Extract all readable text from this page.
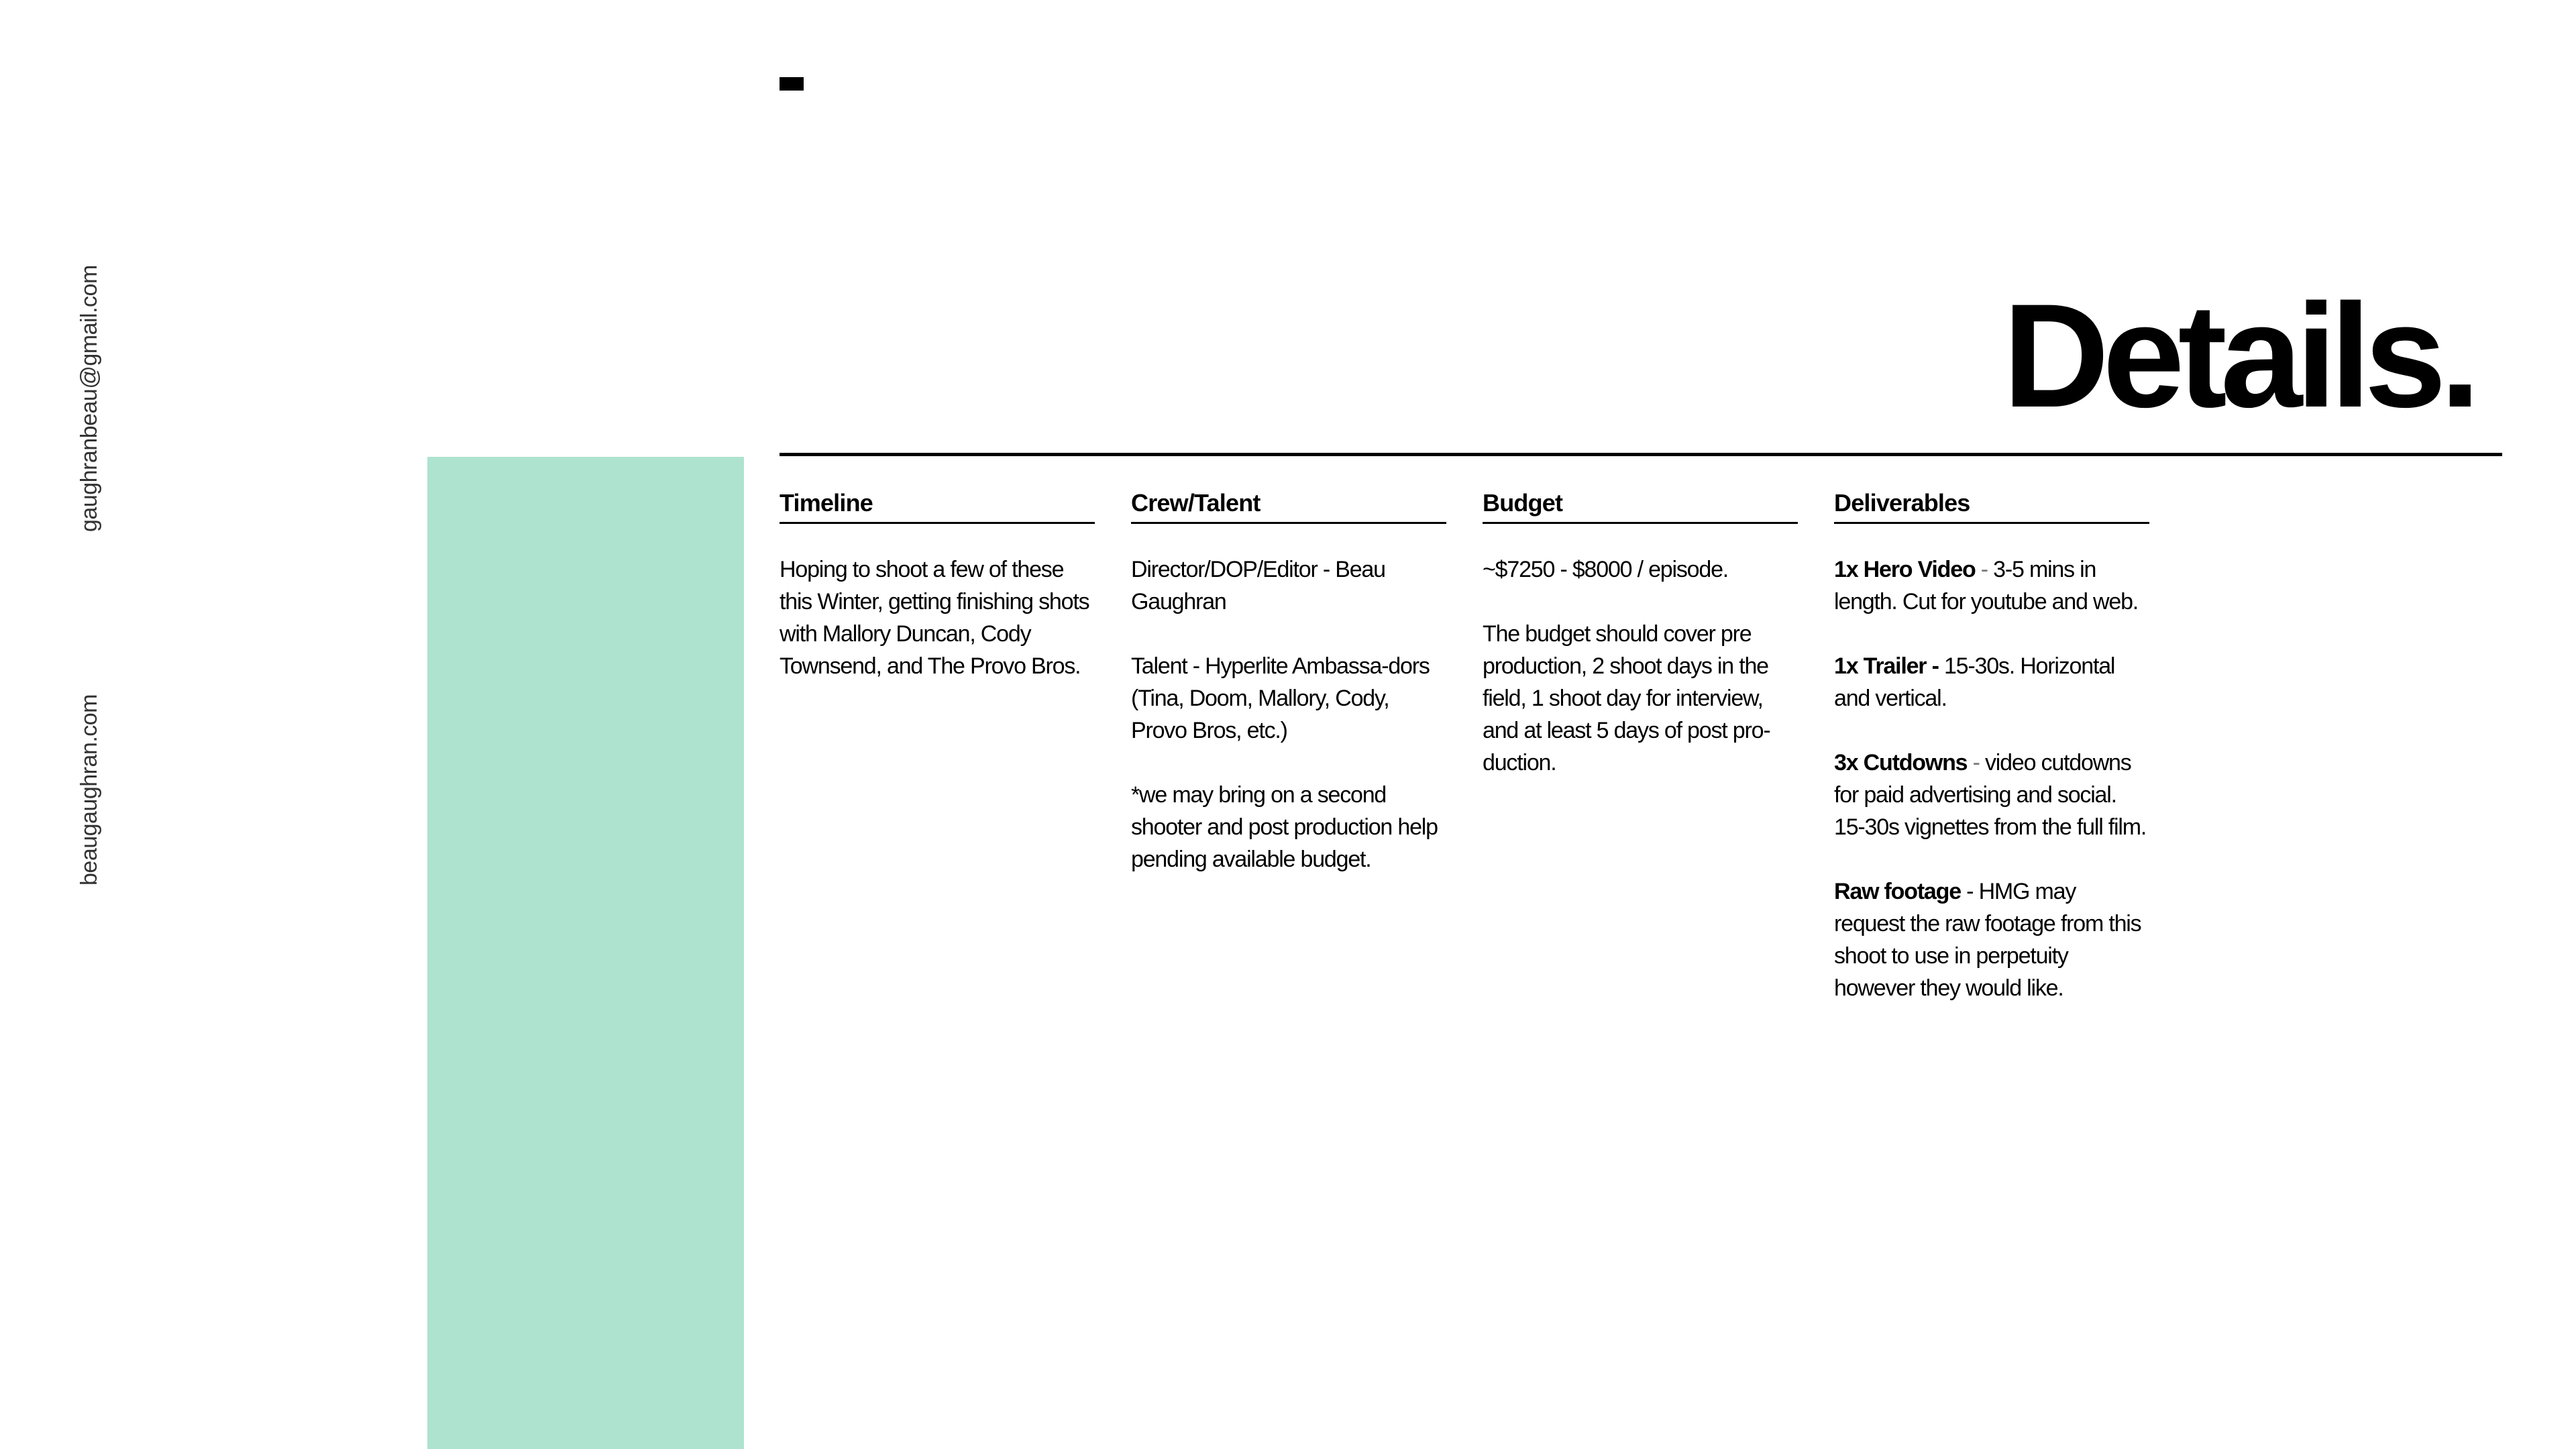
gaughranbeau@gmail.com
beaugaughran.com
Details.
Timeline

Hoping to shoot a few of these this Winter, getting finishing shots with Mallory Duncan, Cody Townsend, and The Provo Bros.

Crew/Talent

Director/DOP/Editor - Beau Gaughran

Talent - Hyperlite Ambassa-dors (Tina, Doom, Mallory, Cody, Provo Bros, etc.)

*we may bring on a second shooter and post production help pending available budget.

Budget

~$7250 - $8000 / episode.

The budget should cover pre production, 2 shoot days in the field, 1 shoot day for interview, and at least 5 days of post pro-duction.

Deliverables

1x Hero Video - 3-5 mins in length. Cut for youtube and web.

1x Trailer - 15-30s. Horizontal and vertical.

3x Cutdowns - video cutdowns for paid advertising and social. 15-30s vignettes from the full film.

Raw footage - HMG may request the raw footage from this shoot to use in perpetuity however they would like.
